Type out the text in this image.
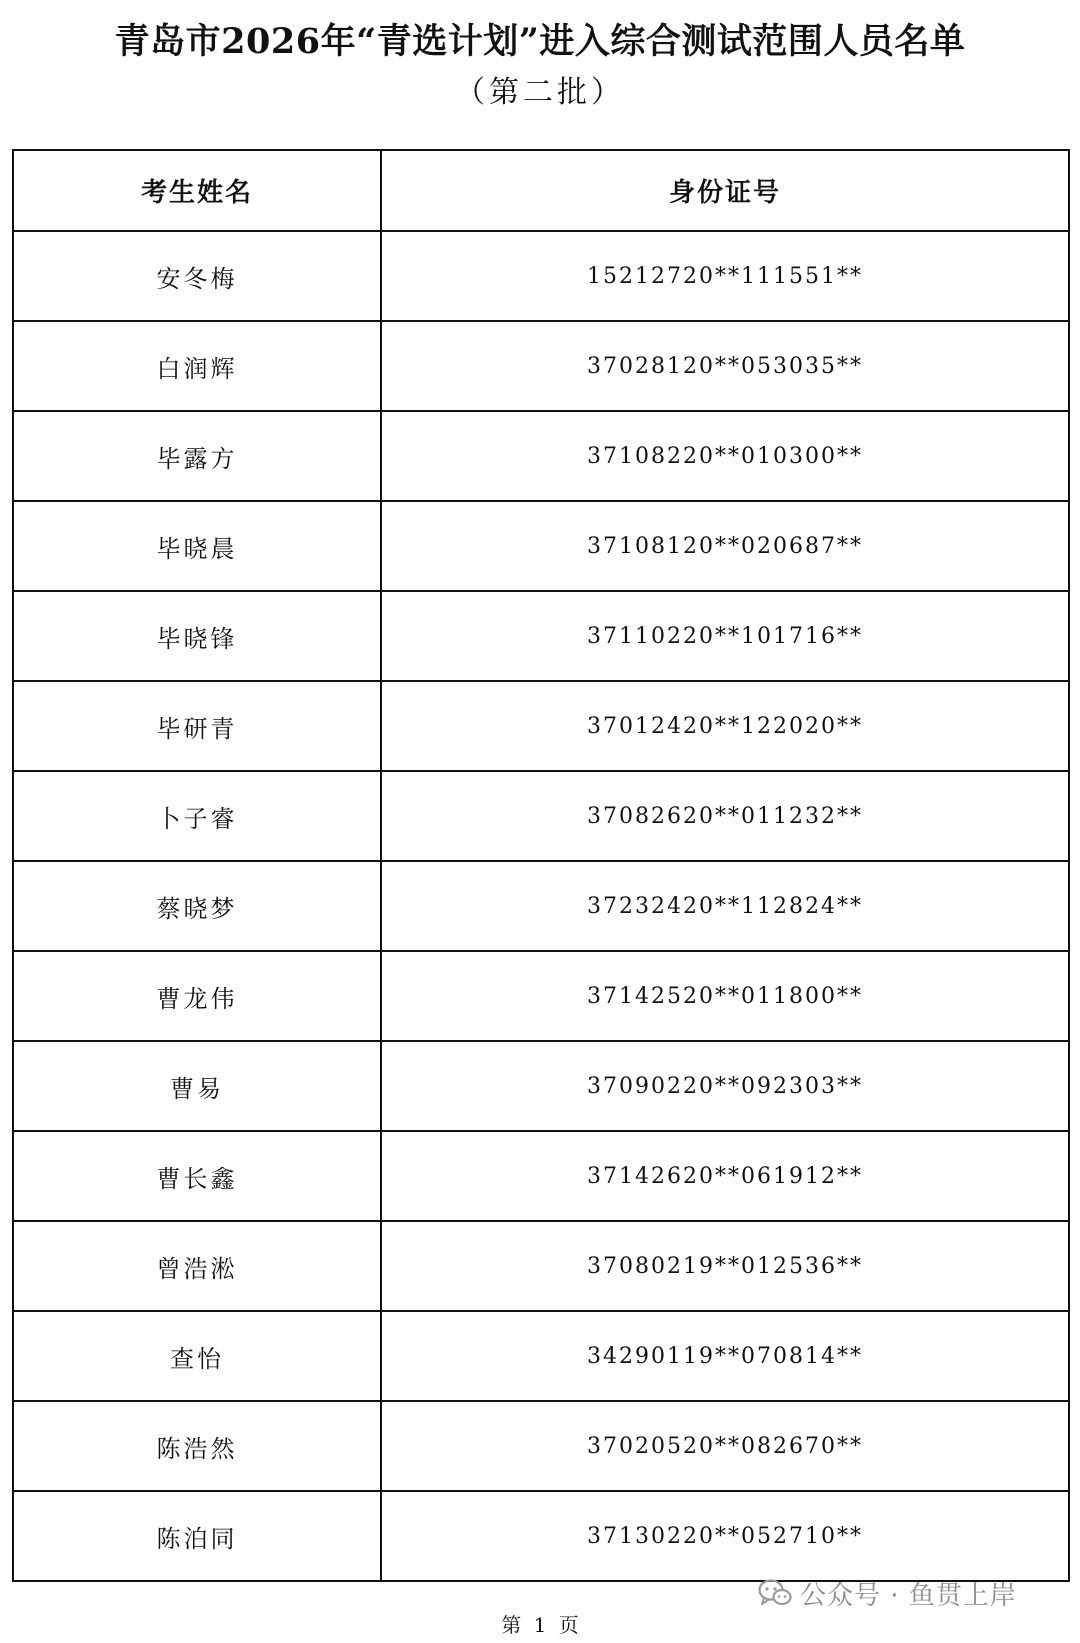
青岛市2026年“青选计划”进入综合测试范围人员名单
（第二批）
考生姓名	身份证号
安冬梅	15212720**111551**
白润辉	37028120**053035**
毕露方	37108220**010300**
毕晓晨	37108120**020687**
毕晓锋	37110220**101716**
毕研青	37012420**122020**
卜子睿	37082620**011232**
蔡晓梦	37232420**112824**
曹龙伟	37142520**011800**
曹易	37090220**092303**
曹长鑫	37142620**061912**
曾浩淞	37080219**012536**
查怡	34290119**070814**
陈浩然	37020520**082670**
陈泊同	37130220**052710**
公众号 · 鱼贯上岸
第 1 页
